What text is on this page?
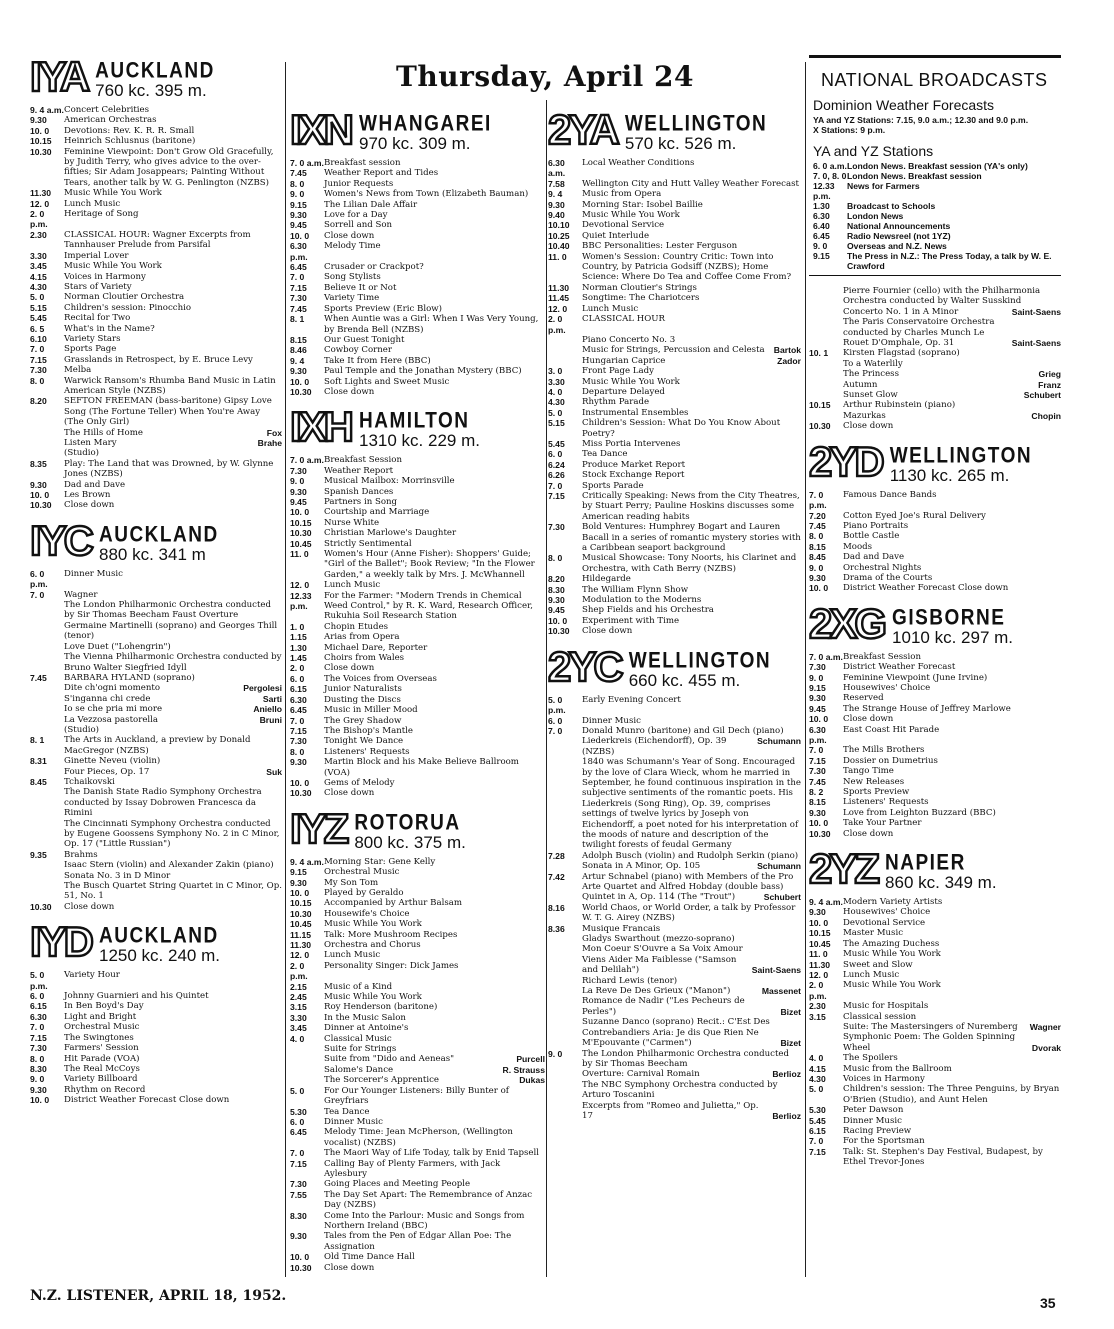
Thursday, April 24
IYA AUCKLAND
760 kc. 395 m.
9. 4 a.m. Concert Celebrities
9.30	American Orchestras
10. 0	Devotions: Rev. K. R. R. Small
10.15	Heinrich Schlusnus (baritone)
10.30	Feminine Viewpoint: Don't Grow Old Gracefully, by Judith Terry, who gives advice to the over-fifties; Sir Adam Josappears; Painting Without Tears, another talk by W. G. Penlington (NZBS)
11.30	Music While You Work
12. 0	Lunch Music
2. 0 p.m.
Heritage of Song
2.30	CLASSICAL HOUR: Wagner Excerpts from Tannhauser Prelude from Parsifal
3.30	Imperial Lover
3.45	Music While You Work
4.15	Voices in Harmony
4.30	Stars of Variety
5. 0	Norman Cloutier Orchestra
5.15	Children's session: Pinocchio
5.45	Recital for Two
6. 5	What's in the Name?
6.10	Variety Stars
7. 0	Sports Page
7.15	Grasslands in Retrospect, by E. Bruce Levy
7.30	Melba
8. 0	Warwick Ransom's Rhumba Band Music in Latin American Style (NZBS)
8.20	SEFTON FREEMAN (bass-baritone) Gipsy Love Song (The Fortune Teller) When You're Away (The Only Girl)
The Hills of Home	Fox
Listen Mary	Brahe
(Studio)
8.35	Play: The Land that was Drowned, by W. Glynne Jones (NZBS)
9.30	Dad and Dave
10. 0	Les Brown
10.30	Close down
IYC AUCKLAND
880 kc. 341 m
6. 0 p.m.
Dinner Music
7. 0	Wagner
The London Philharmonic Orchestra conducted by Sir Thomas Beecham Faust Overture
Germaine Martinelli (soprano) and Georges Thill (tenor)
Love Duet ("Lohengrin")
The Vienna Philharmonic Orchestra conducted by Bruno Walter Siegfried Idyll
7.45	BARBARA HYLAND (soprano)
Dite ch'ogni momento	Pergolesi
S'inganna chi crede	Sarti
Io se che pria mi more	Aniello
La Vezzosa pastorella	Bruni
(Studio)
8. 1	The Arts in Auckland, a preview by Donald MacGregor (NZBS)
8.31	Ginette Neveu (violin)
Four Pieces, Op. 17	Suk
8.45	Tchaikovski
The Danish State Radio Symphony Orchestra conducted by Issay Dobrowen Francesca da Rimini
The Cincinnati Symphony Orchestra conducted by Eugene Goossens Symphony No. 2 in C Minor, Op. 17 ("Little Russian")
9.35	Brahms
Isaac Stern (violin) and Alexander Zakin (piano) Sonata No. 3 in D Minor
The Busch Quartet String Quartet in C Minor, Op. 51, No. 1
10.30	Close down
IYD AUCKLAND
1250 kc. 240 m.
5. 0 p.m.
Variety Hour
6. 0	Johnny Guarnieri and his Quintet
6.15	In Ben Boyd's Day
6.30	Light and Bright
7. 0	Orchestral Music
7.15	The Swingtones
7.30	Farmers' Session
8. 0	Hit Parade (VOA)
8.30	The Real McCoys
9. 0	Variety Billboard
9.30	Rhythm on Record
10. 0	District Weather Forecast Close down
IXN WHANGAREI
970 kc. 309 m.
7. 0 a.m. Breakfast session
7.45	Weather Report and Tides
8. 0	Junior Requests
9. 0	Women's News from Town (Elizabeth Bauman)
9.15	The Lilian Dale Affair
9.30	Love for a Day
9.45	Sorrell and Son
10. 0	Close down
6.30 p.m.
Melody Time
6.45	Crusader or Crackpot?
7. 0	Song Stylists
7.15	Believe It or Not
7.30	Variety Time
7.45	Sports Preview (Eric Blow)
8. 1	When Auntie was a Girl: When I Was Very Young, by Brenda Bell (NZBS)
8.15	Our Guest Tonight
8.46	Cowboy Corner
9. 4	Take It from Here (BBC)
9.30	Paul Temple and the Jonathan Mystery (BBC)
10. 0	Soft Lights and Sweet Music
10.30	Close down
IXH HAMILTON
1310 kc. 229 m.
7. 0 a.m. Breakfast Session
7.30	Weather Report
9. 0	Musical Mailbox: Morrinsville
9.30	Spanish Dances
9.45	Partners in Song
10. 0	Courtship and Marriage
10.15	Nurse White
10.30	Christian Marlowe's Daughter
10.45	Strictly Sentimental
11. 0	Women's Hour (Anne Fisher): Shoppers' Guide; "Girl of the Ballet"; Book Review; "In the Flower Garden," a weekly talk by Mrs. J. McWhannell
12. 0	Lunch Music
12.33 p.m.
For the Farmer: "Modern Trends in Chemical Weed Control," by R. K. Ward, Research Officer, Rukuhia Soil Research Station
1. 0	Chopin Etudes
1.15	Arias from Opera
1.30	Michael Dare, Reporter
1.45	Choirs from Wales
2. 0	Close down
6. 0	The Voices from Overseas
6.15	Junior Naturalists
6.30	Dusting the Discs
6.45	Music in Miller Mood
7. 0	The Grey Shadow
7.15	The Bishop's Mantle
7.30	Tonight We Dance
8. 0	Listeners' Requests
9.30	Martin Block and his Make Believe Ballroom (VOA)
10. 0	Gems of Melody
10.30	Close down
IYZ ROTORUA
800 kc. 375 m.
9. 4 a.m. Morning Star: Gene Kelly
9.15	Orchestral Music
9.30	My Son Tom
10. 0	Played by Geraldo
10.15	Accompanied by Arthur Balsam
10.30	Housewife's Choice
10.45	Music While You Work
11.15	Talk: More Mushroom Recipes
11.30	Orchestra and Chorus
12. 0	Lunch Music
2. 0 p.m.
Personality Singer: Dick James
2.15	Music of a Kind
2.45	Music While You Work
3.15	Roy Henderson (baritone)
3.30	In the Music Salon
3.45	Dinner at Antoine's
4. 0	Classical Music
Suite for Strings
Suite from "Dido and Aeneas"	Purcell
Salome's Dance	R. Strauss
The Sorcerer's Apprentice	Dukas
5. 0	For Our Younger Listeners: Billy Bunter of Greyfriars
5.30	Tea Dance
6. 0	Dinner Music
6.45	Melody Time: Jean McPherson, (Wellington vocalist) (NZBS)
7. 0	The Maori Way of Life Today, talk by Enid Tapsell
7.15	Calling Bay of Plenty Farmers, with Jack Aylesbury
7.30	Going Places and Meeting People
7.55	The Day Set Apart: The Remembrance of Anzac Day (NZBS)
8.30	Come Into the Parlour: Music and Songs from Northern Ireland (BBC)
9.30	Tales from the Pen of Edgar Allan Poe: The Assignation
10. 0	Old Time Dance Hall
10.30	Close down
2YA WELLINGTON
570 kc. 526 m.
6.30 a.m.
Local Weather Conditions
7.58	Wellington City and Hutt Valley Weather Forecast
9. 4	Music from Opera
9.30	Morning Star: Isobel Baillie
9.40	Music While You Work
10.10	Devotional Service
10.25	Quiet Interlude
10.40	BBC Personalities: Lester Ferguson
11. 0	Women's Session: Country Critic: Town into Country, by Patricia Godsiff (NZBS); Home Science: Where Do Tea and Coffee Come From?
11.30	Norman Cloutier's Strings
11.45	Songtime: The Chariotcers
12. 0	Lunch Music
2. 0 p.m.
CLASSICAL HOUR
Piano Concerto No. 3
Music for Strings, Percussion and Celesta	Bartok
Hungarian Caprice	Zador
3. 0	Front Page Lady
3.30	Music While You Work
4. 0	Departure Delayed
4.30	Rhythm Parade
5. 0	Instrumental Ensembles
5.15	Children's Session: What Do You Know About Poetry?
5.45	Miss Portia Intervenes
6. 0	Tea Dance
6.24	Produce Market Report
6.26	Stock Exchange Report
7. 0	Sports Parade
7.15	Critically Speaking: News from the City Theatres, by Stuart Perry; Pauline Hoskins discusses some American reading habits
7.30	Bold Ventures: Humphrey Bogart and Lauren Bacall in a series of romantic mystery stories with a Caribbean seaport background
8. 0	Musical Showcase: Tony Noorts, his Clarinet and Orchestra, with Cath Berry (NZBS)
8.20	Hildegarde
8.30	The William Flynn Show
9.30	Modulation to the Moderns
9.45	Shep Fields and his Orchestra
10. 0	Experiment with Time
10.30	Close down
2YC WELLINGTON
660 kc. 455 m.
5. 0 p.m.
Early Evening Concert
6. 0	Dinner Music
7. 0	Donald Munro (baritone) and Gil Dech (piano)
Liederkreis (Eichendorff), Op. 39	Schumann
(NZBS)
1840 was Schumann's Year of Song. Encouraged by the love of Clara Wieck, whom he married in September, he found continuous inspiration in the subjective sentiments of the romantic poets. His Liederkreis (Song Ring), Op. 39, comprises settings of twelve lyrics by Joseph von Eichendorff, a poet noted for his interpretation of the moods of nature and description of the twilight forests of feudal Germany
7.28	Adolph Busch (violin) and Rudolph Serkin (piano)
Sonata in A Minor, Op. 105	Schumann
7.42	Artur Schnabel (piano) with Members of the Pro Arte Quartet and Alfred Hobday (double bass)
Quintet in A, Op. 114 (The "Trout")	Schubert
8.16	World Chaos, or World Order, a talk by Professor W. T. G. Airey (NZBS)
8.36	Musique Francais
Gladys Swarthout (mezzo-soprano) Mon Coeur S'Ouvre a Sa Voix Amour Viens Aider Ma Faiblesse ("Samson and Delilah")	Saint-Saens
Richard Lewis (tenor)
La Reve De Des Grieux ("Manon")	Massenet
Romance de Nadir ("Les Pecheurs de Perles")	Bizet
Suzanne Danco (soprano) Recit.: C'Est Des Contrebandiers Aria: Je dis Que Rien Ne M'Epouvante ("Carmen")	Bizet
9. 0	The London Philharmonic Orchestra conducted by Sir Thomas Beecham
Overture: Carnival Romain	Berlioz
The NBC Symphony Orchestra conducted by Arturo Toscanini
Excerpts from "Romeo and Julietta," Op. 17	Berlioz
NATIONAL BROADCASTS
Dominion Weather Forecasts
YA and YZ Stations: 7.15, 9.0 a.m.; 12.30 and 9.0 p.m.
X Stations: 9 p.m.
YA and YZ Stations
6. 0 a.m. London News. Breakfast session (YA's only)
7. 0, 8. 0 London News. Breakfast session
12.33 p.m.
News for Farmers
1.30	Broadcast to Schools
6.30	London News
6.40	National Announcements
6.45	Radio Newsreel (not 1YZ)
9. 0	Overseas and N.Z. News
9.15	The Press in N.Z.: The Press Today, a talk by W. E. Crawford
Pierre Fournier (cello) with the Philharmonia Orchestra conducted by Walter Susskind
Concerto No. 1 in A Minor	Saint-Saens
The Paris Conservatoire Orchestra conducted by Charles Munch Le Rouet D'Omphale, Op. 31	Saint-Saens
10. 1	Kirsten Flagstad (soprano)
To a Waterlily
The Princess	Grieg
Autumn	Franz
Sunset Glow	Schubert
10.15	Arthur Rubinstein (piano)
Mazurkas	Chopin
10.30	Close down
2YD WELLINGTON
1130 kc. 265 m.
7. 0 p.m.
Famous Dance Bands
7.20	Cotton Eyed Joe's Rural Delivery
7.45	Piano Portraits
8. 0	Bottle Castle
8.15	Moods
8.45	Dad and Dave
9. 0	Orchestral Nights
9.30	Drama of the Courts
10. 0	District Weather Forecast Close down
2XG GISBORNE
1010 kc. 297 m.
7. 0 a.m. Breakfast Session
7.30	District Weather Forecast
9. 0	Feminine Viewpoint (June Irvine)
9.15	Housewives' Choice
9.30	Reserved
9.45	The Strange House of Jeffrey Marlowe
10. 0	Close down
6.30 p.m.
East Coast Hit Parade
7. 0	The Mills Brothers
7.15	Dossier on Dumetrius
7.30	Tango Time
7.45	New Releases
8. 2	Sports Preview
8.15	Listeners' Requests
9.30	Love from Leighton Buzzard (BBC)
10. 0	Take Your Partner
10.30	Close down
2YZ NAPIER
860 kc. 349 m.
9. 4 a.m. Modern Variety Artists
9.30	Housewives' Choice
10. 0	Devotional Service
10.15	Master Music
10.45	The Amazing Duchess
11. 0	Music While You Work
11.30	Sweet and Slow
12. 0	Lunch Music
2. 0 p.m.
Music While You Work
2.30	Music for Hospitals
3.15	Classical session
Suite: The Mastersingers of Nuremberg	Wagner
Symphonic Poem: The Golden Spinning Wheel	Dvorak
4. 0	The Spoilers
4.15	Music from the Ballroom
4.30	Voices in Harmony
5. 0	Children's session: The Three Penguins, by Bryan O'Brien (Studio), and Aunt Helen
5.30	Peter Dawson
5.45	Dinner Music
6.15	Racing Preview
7. 0	For the Sportsman
7.15	Talk: St. Stephen's Day Festival, Budapest, by Ethel Trevor-Jones
N.Z. LISTENER, APRIL 18, 1952.	35
